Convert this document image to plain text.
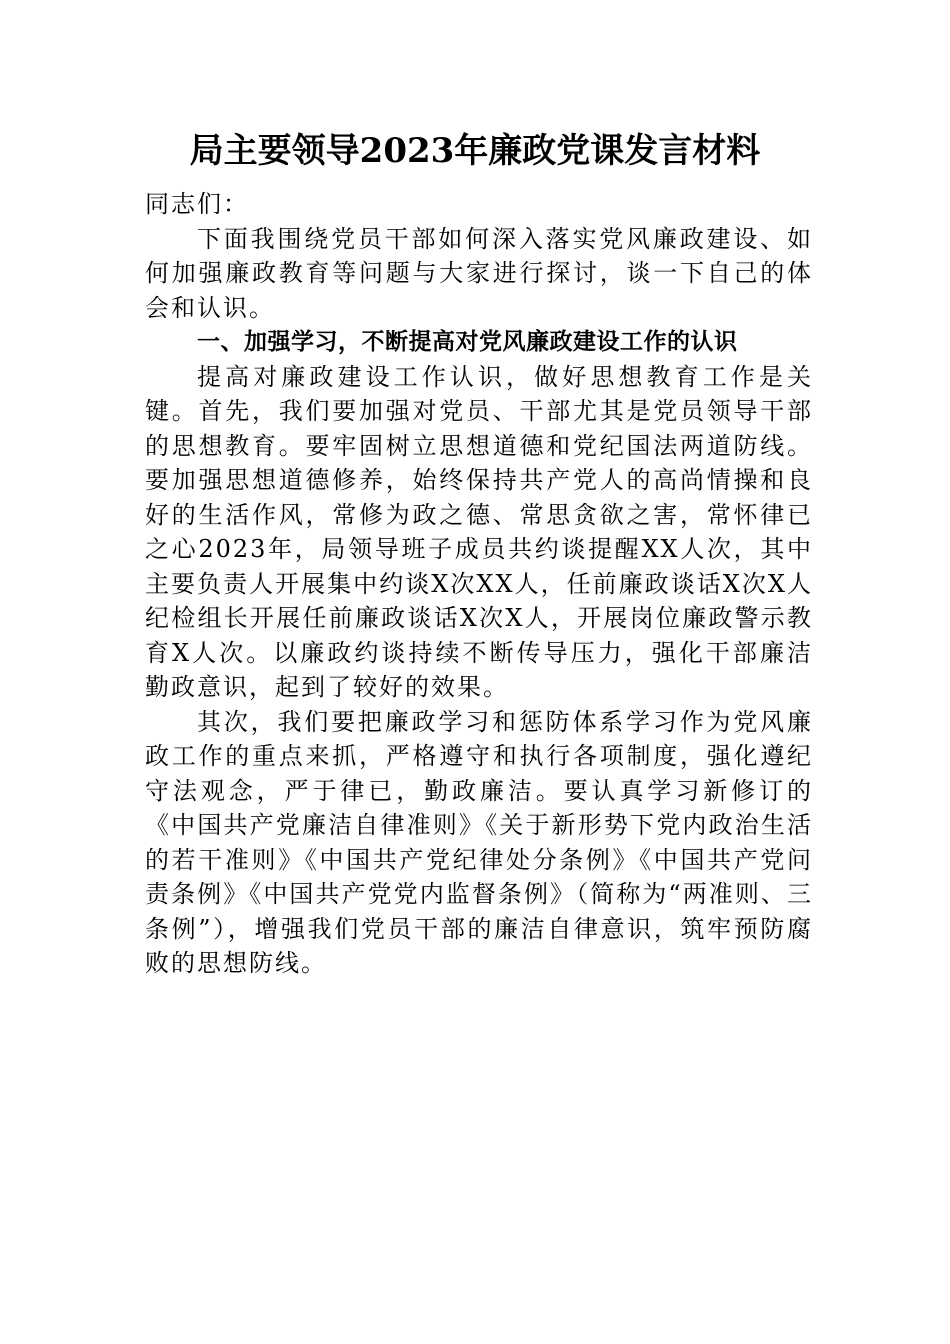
局主要领导2023年廉政党课发言材料

同志们：

下面我围绕党员干部如何深入落实党风廉政建设、如何加强廉政教育等问题与大家进行探讨，谈一下自己的体会和认识。

一、加强学习，不断提高对党风廉政建设工作的认识

提高对廉政建设工作认识，做好思想教育工作是关键。首先，我们要加强对党员、干部尤其是党员领导干部的思想教育。要牢固树立思想道德和党纪国法两道防线。要加强思想道德修养，始终保持共产党人的高尚情操和良好的生活作风，常修为政之德、常思贪欲之害，常怀律已之心2023年，局领导班子成员共约谈提醒XX人次，其中主要负责人开展集中约谈X次XX人，任前廉政谈话X次X人纪检组长开展任前廉政谈话X次X人，开展岗位廉政警示教育X人次。以廉政约谈持续不断传导压力，强化干部廉洁勤政意识，起到了较好的效果。

其次，我们要把廉政学习和惩防体系学习作为党风廉政工作的重点来抓，严格遵守和执行各项制度，强化遵纪守法观念，严于律已，勤政廉洁。要认真学习新修订的《中国共产党廉洁自律准则》《关于新形势下党内政治生活的若干准则》《中国共产党纪律处分条例》《中国共产党问责条例》《中国共产党党内监督条例》（简称为“两准则、三条例”），增强我们党员干部的廉洁自律意识，筑牢预防腐败的思想防线。
